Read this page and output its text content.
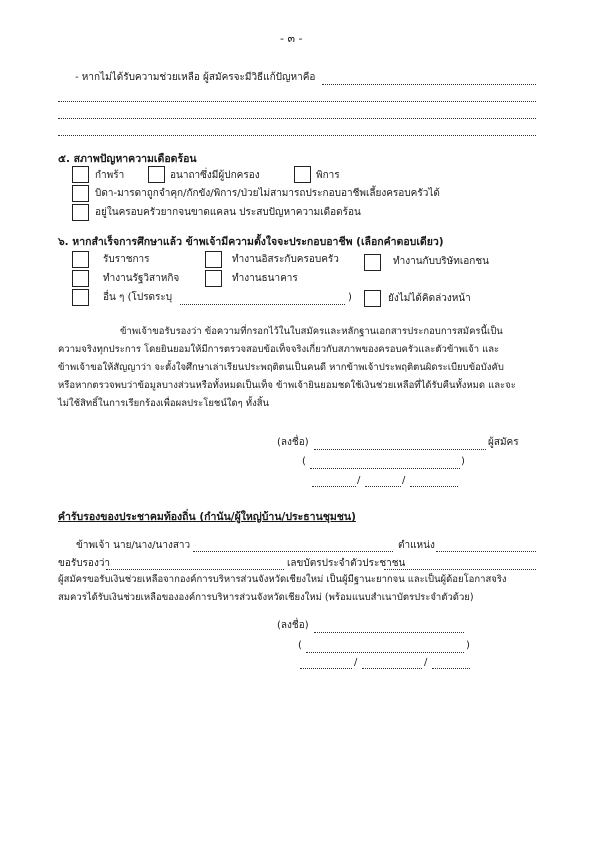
- ๓ -
- หากไม่ได้รับความช่วยเหลือ ผู้สมัครจะมีวิธีแก้ปัญหาคือ
๕. สภาพปัญหาความเดือดร้อน
กำพร้า	อนาถาซึ่งมีผู้ปกครอง	พิการ
บิดา-มารดาถูกจำคุก/กักขัง/พิการ/ป่วยไม่สามารถประกอบอาชีพเลี้ยงครอบครัวได้
อยู่ในครอบครัวยากจนขาดแคลน ประสบปัญหาความเดือดร้อน
๖. หากสำเร็จการศึกษาแล้ว ข้าพเจ้ามีความตั้งใจจะประกอบอาชีพ (เลือกคำตอบเดียว)
รับราชการ	ทำงานอิสระกับครอบครัว	ทำงานกับบริษัทเอกชน
ทำงานรัฐวิสาหกิจ	ทำงานธนาคาร
อื่น ๆ (โปรดระบุ	)	ยังไม่ได้คิดล่วงหน้า
ข้าพเจ้าขอรับรองว่า ข้อความที่กรอกไว้ในใบสมัครและหลักฐานเอกสารประกอบการสมัครนี้เป็น
ความจริงทุกประการ โดยยินยอมให้มีการตรวจสอบข้อเท็จจริงเกี่ยวกับสภาพของครอบครัวและตัวข้าพเจ้า และ
ข้าพเจ้าขอให้สัญญาว่า จะตั้งใจศึกษาเล่าเรียนประพฤติตนเป็นคนดี หากข้าพเจ้าประพฤติตนผิดระเบียบข้อบังคับ
หรือหากตรวจพบว่าข้อมูลบางส่วนหรือทั้งหมดเป็นเท็จ ข้าพเจ้ายินยอมชดใช้เงินช่วยเหลือที่ได้รับคืนทั้งหมด และจะ
ไม่ใช้สิทธิ์ในการเรียกร้องเพื่อผลประโยชน์ใดๆ ทั้งสิ้น
(ลงชื่อ)	ผู้สมัคร
(	)
/	/
คำรับรองของประชาคมท้องถิ่น (กำนัน/ผู้ใหญ่บ้าน/ประธานชุมชน)
ข้าพเจ้า นาย/นาง/นางสาว	ตำแหน่ง
ขอรับรองว่า	เลขบัตรประจำตัวประชาชน
ผู้สมัครขอรับเงินช่วยเหลือจากองค์การบริหารส่วนจังหวัดเชียงใหม่ เป็นผู้มีฐานะยากจน และเป็นผู้ด้อยโอกาสจริง
สมควรได้รับเงินช่วยเหลือขององค์การบริหารส่วนจังหวัดเชียงใหม่ (พร้อมแนบสำเนาบัตรประจำตัวด้วย)
(ลงชื่อ)
(	)
/	/
